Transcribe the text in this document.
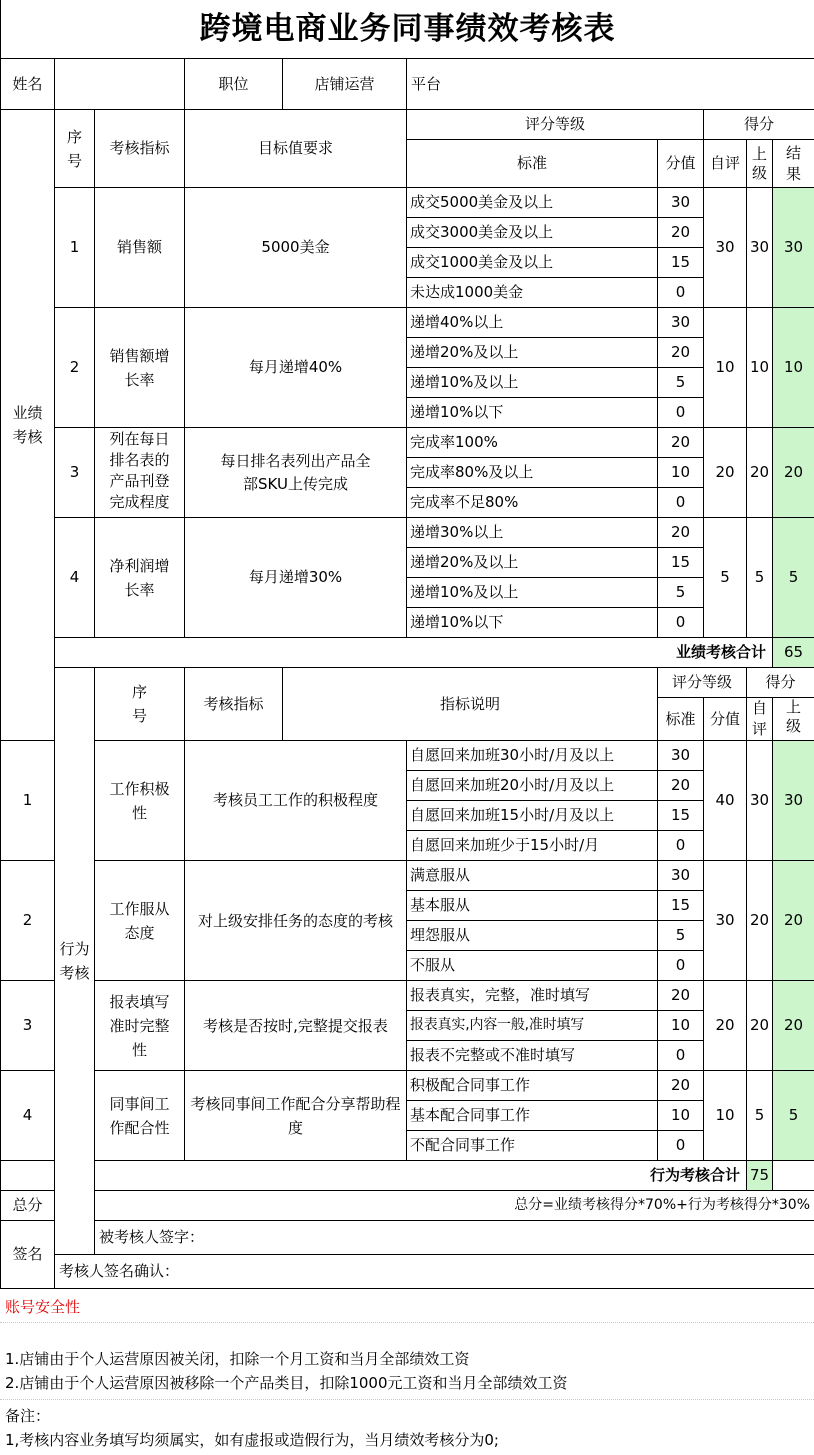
跨境电商业务同事绩效考核表
姓名			职位	店铺运营	平台					
业绩考核	序号	考核指标	目标值要求		评分等级		得分			
					标准	分值	自评	上级	结果	
	1	销售额	5000美金		成交5000美金及以上	30	30	30	30	
					成交3000美金及以上	20				
					成交1000美金及以上	15				
					未达成1000美金	0				
	2	销售额增长率	每月递增40%		递增40%以上	30	10	10	10	
					递增20%及以上	20				
					递增10%及以上	5				
					递增10%以下	0				
	3	列在每日排名表的产品刊登完成程度	每日排名表列出产品全部SKU上传完成		完成率100%	20	20	20	20	
					完成率80%及以上	10				
					完成率不足80%	0				
	4	净利润增长率	每月递增30%		递增30%以上	20	5	5	5	
					递增20%及以上	15				
					递增10%及以上	5				
					递增10%以下	0				
	业绩考核合计								65	
	行为考核	序号	考核指标	指标说明		评分等级		得分		
						标准	分值	自评	上级

1		工作积极性	考核员工工作的积极程度		自愿回来加班30小时/月及以上	30	40	30	30	
					自愿回来加班20小时/月及以上	20				
					自愿回来加班15小时/月及以上	15				
					自愿回来加班少于15小时/月	0				
2		工作服从态度	对上级安排任务的态度的考核		满意服从	30	30	20	20	
					基本服从	15				
					埋怨服从	5				
					不服从	0				
3		报表填写准时完整性	考核是否按时,完整提交报表		报表真实，完整，准时填写	20	20	20	20	
					报表真实,内容一般,准时填写	10				
					报表不完整或不准时填写	0				
4		同事间工作配合性	考核同事间工作配合分享帮助程度		积极配合同事工作	20	10	5	5	
					基本配合同事工作	10				
					不配合同事工作	0				
行为考核合计								75		
总分		总分=业绩考核得分*70%+行为考核得分*30%								
签名		被考核人签字：								
	考核人签名确认：									
账号安全性
1.店铺由于个人运营原因被关闭，扣除一个月工资和当月全部绩效工资
2.店铺由于个人运营原因被移除一个产品类目，扣除1000元工资和当月全部绩效工资
备注：
1,考核内容业务填写均须属实，如有虚报或造假行为，当月绩效考核分为0;
